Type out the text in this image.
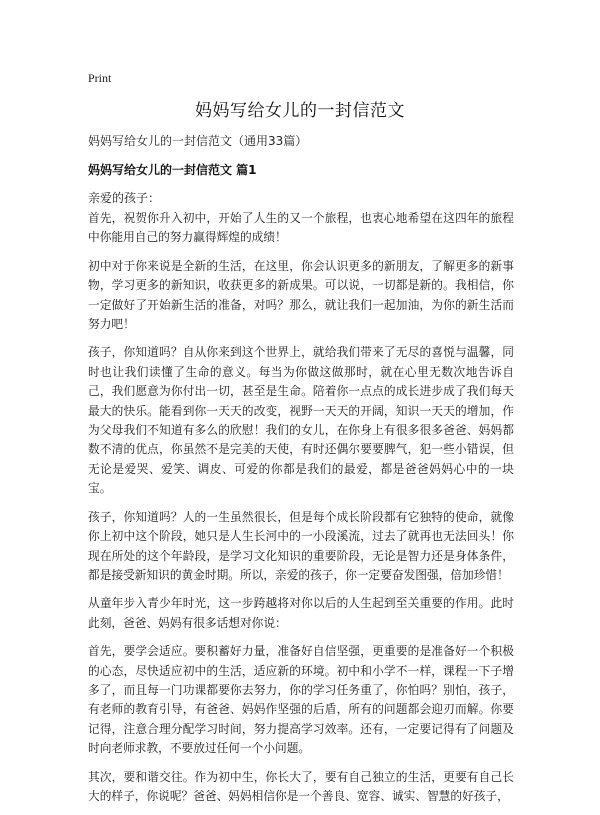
Print
妈妈写给女儿的一封信范文
妈妈写给女儿的一封信范文（通用33篇）
妈妈写给女儿的一封信范文 篇1
亲爱的孩子：

首先，祝贺你升入初中，开始了人生的又一个旅程，也衷心地希望在这四年的旅程中你能用自己的努力赢得辉煌的成绩！

初中对于你来说是全新的生活，在这里，你会认识更多的新朋友，了解更多的新事物，学习更多的新知识，收获更多的新成果。可以说，一切都是新的。我相信，你一定做好了开始新生活的准备，对吗？那么，就让我们一起加油，为你的新生活而努力吧！

孩子，你知道吗？自从你来到这个世界上，就给我们带来了无尽的喜悦与温馨，同时也让我们读懂了生命的意义。每当为你做这做那时，就在心里无数次地告诉自己，我们愿意为你付出一切，甚至是生命。陪着你一点点的成长进步成了我们每天最大的快乐。能看到你一天天的改变，视野一天天的开阔，知识一天天的增加，作为父母我们不知道有多么的欣慰！我们的女儿，在你身上有很多很多爸爸、妈妈都数不清的优点，你虽然不是完美的天使，有时还偶尔要要脾气，犯一些小错误，但无论是爱哭、爱笑、调皮、可爱的你都是我们的最爱，都是爸爸妈妈心中的一块宝。

孩子，你知道吗？人的一生虽然很长，但是每个成长阶段都有它独特的使命，就像你上初中这个阶段，她只是人生长河中的一小段溪流，过去了就再也无法回头！你现在所处的这个年龄段，是学习文化知识的重要阶段，无论是智力还是身体条件，都是接受新知识的黄金时期。所以，亲爱的孩子，你一定要奋发图强，倍加珍惜！

从童年步入青少年时光，这一步跨越将对你以后的人生起到至关重要的作用。此时此刻，爸爸、妈妈有很多话想对你说：

首先，要学会适应。要积蓄好力量，准备好自信坚强，更重要的是准备好一个积极的心态，尽快适应初中的生活，适应新的环境。初中和小学不一样，课程一下子增多了，而且每一门功课都要你去努力，你的学习任务重了，你怕吗？别怕，孩子，有老师的教育引导，有爸爸、妈妈作坚强的后盾，所有的问题都会迎刃而解。你要记得，注意合理分配学习时间，努力提高学习效率。还有，一定要记得有了问题及时向老师求教，不要放过任何一个小问题。

其次，要和谐交往。作为初中生，你长大了，要有自己独立的生活，更要有自己长大的样子，你说呢？爸爸、妈妈相信你是一个善良、宽容、诚实、智慧的好孩子，
